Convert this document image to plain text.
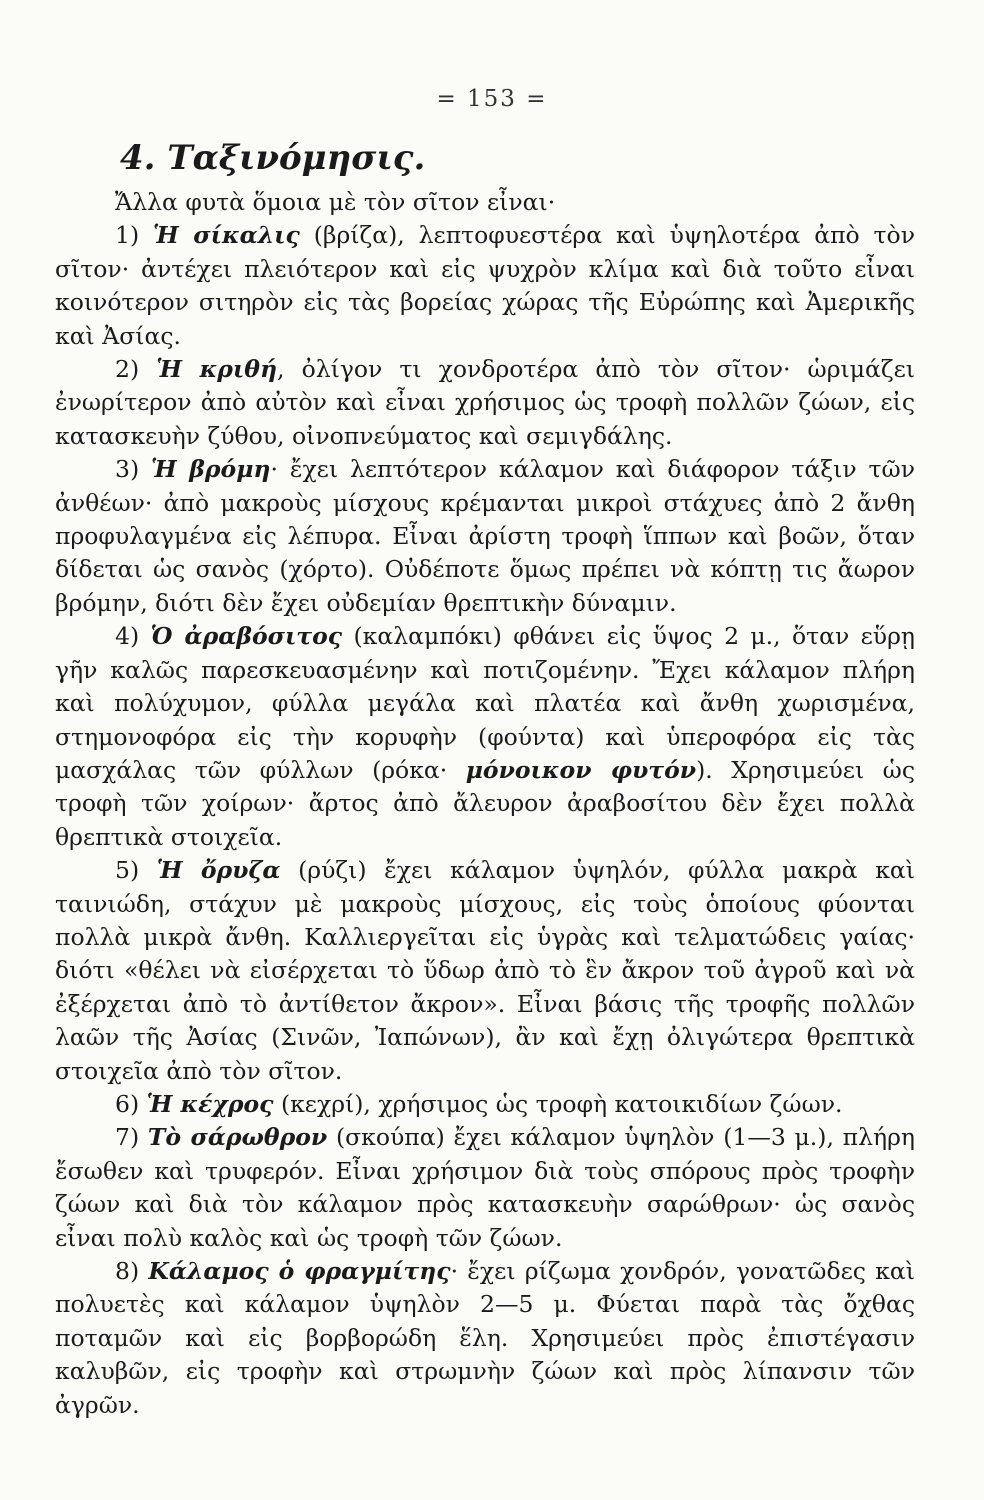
= 153 =
4. Ταξινόμησις.

Ἄλλα φυτὰ ὅμοια μὲ τὸν σῖτον εἶναι·

1) Ἡ σίκαλις (βρίζα), λεπτοφυεστέρα καὶ ὑψηλοτέρα ἀπὸ τὸν σῖτον· ἀντέχει πλειότερον καὶ εἰς ψυχρὸν κλίμα καὶ διὰ τοῦτο εἶναι κοινότερον σιτηρὸν εἰς τὰς βορείας χώρας τῆς Εὐρώπης καὶ Ἀμερικῆς καὶ Ἀσίας.

2) Ἡ κριθή, ὀλίγον τι χονδροτέρα ἀπὸ τὸν σῖτον· ὡριμάζει ἐνωρίτερον ἀπὸ αὐτὸν καὶ εἶναι χρήσιμος ὡς τροφὴ πολλῶν ζώων, εἰς κατασκευὴν ζύθου, οἰνοπνεύματος καὶ σεμιγδάλης.

3) Ἡ βρόμη· ἔχει λεπτότερον κάλαμον καὶ διάφορον τάξιν τῶν ἀνθέων· ἀπὸ μακροὺς μίσχους κρέμανται μικροὶ στάχυες ἀπὸ 2 ἄνθη προφυλαγμένα εἰς λέπυρα. Εἶναι ἀρίστη τροφὴ ἵππων καὶ βοῶν, ὅταν δίδεται ὡς σανὸς (χόρτο). Οὐδέποτε ὅμως πρέπει νὰ κόπτῃ τις ἄωρον βρόμην, διότι δὲν ἔχει οὐδεμίαν θρεπτικὴν δύναμιν.

4) Ὁ ἀραβόσιτος (καλαμπόκι) φθάνει εἰς ὕψος 2 μ., ὅταν εὕρῃ γῆν καλῶς παρεσκευασμένην καὶ ποτιζομένην. Ἔχει κάλαμον πλήρη καὶ πολύχυμον, φύλλα μεγάλα καὶ πλατέα καὶ ἄνθη χωρισμένα, στημονοφόρα εἰς τὴν κορυφὴν (φούντα) καὶ ὑπεροφόρα εἰς τὰς μασχάλας τῶν φύλλων (ρόκα· μόνοικον φυτόν). Χρησιμεύει ὡς τροφὴ τῶν χοίρων· ἄρτος ἀπὸ ἄλευρον ἀραβοσίτου δὲν ἔχει πολλὰ θρεπτικὰ στοιχεῖα.

5) Ἡ ὄρυζα (ρύζι) ἔχει κάλαμον ὑψηλόν, φύλλα μακρὰ καὶ ταινιώδη, στάχυν μὲ μακροὺς μίσχους, εἰς τοὺς ὁποίους φύονται πολλὰ μικρὰ ἄνθη. Καλλιεργεῖται εἰς ὑγρὰς καὶ τελματώδεις γαίας· διότι «θέλει νὰ εἰσέρχεται τὸ ὕδωρ ἀπὸ τὸ ἓν ἄκρον τοῦ ἀγροῦ καὶ νὰ ἐξέρχεται ἀπὸ τὸ ἀντίθετον ἄκρον». Εἶναι βάσις τῆς τροφῆς πολλῶν λαῶν τῆς Ἀσίας (Σινῶν, Ἰαπώνων), ἂν καὶ ἔχῃ ὀλιγώτερα θρεπτικὰ στοιχεῖα ἀπὸ τὸν σῖτον.

6) Ἡ κέχρος (κεχρί), χρήσιμος ὡς τροφὴ κατοικιδίων ζώων.

7) Τὸ σάρωθρον (σκούπα) ἔχει κάλαμον ὑψηλὸν (1—3 μ.), πλήρη ἔσωθεν καὶ τρυφερόν. Εἶναι χρήσιμον διὰ τοὺς σπόρους πρὸς τροφὴν ζώων καὶ διὰ τὸν κάλαμον πρὸς κατασκευὴν σαρώθρων· ὡς σανὸς εἶναι πολὺ καλὸς καὶ ὡς τροφὴ τῶν ζώων.

8) Κάλαμος ὁ φραγμίτης· ἔχει ρίζωμα χονδρόν, γονατῶδες καὶ πολυετὲς καὶ κάλαμον ὑψηλὸν 2—5 μ. Φύεται παρὰ τὰς ὄχθας ποταμῶν καὶ εἰς βορβορώδη ἕλη. Χρησιμεύει πρὸς ἐπιστέγασιν καλυβῶν, εἰς τροφὴν καὶ στρωμνὴν ζώων καὶ πρὸς λίπανσιν τῶν ἀγρῶν.
